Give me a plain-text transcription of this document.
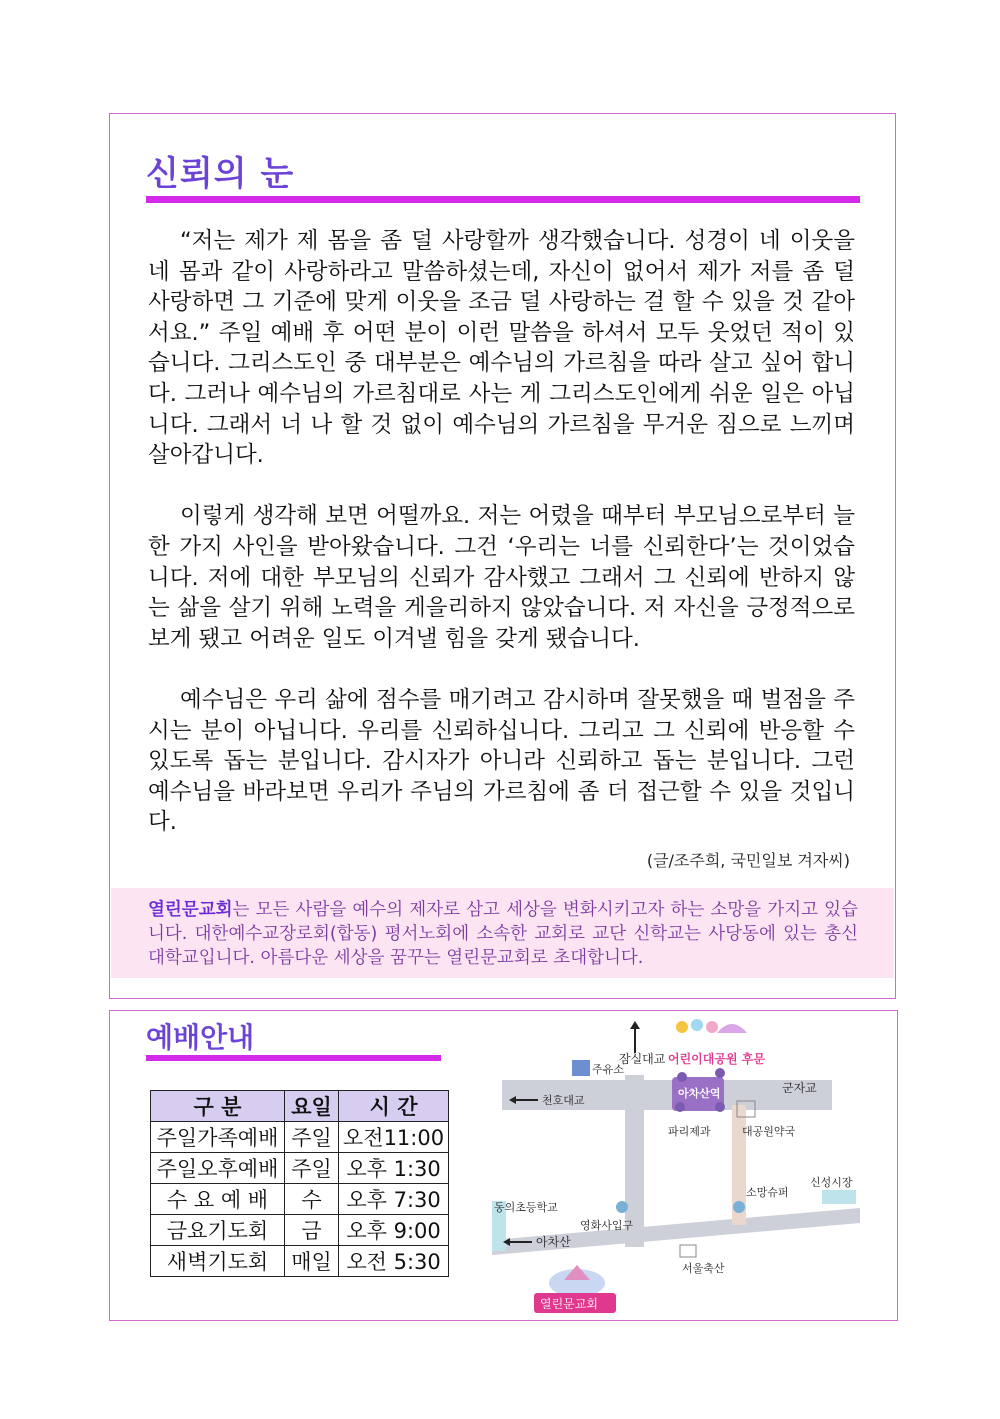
신뢰의 눈

“저는 제가 제 몸을 좀 덜 사랑할까 생각했습니다. 성경이 네 이웃을 네 몸과 같이 사랑하라고 말씀하셨는데, 자신이 없어서 제가 저를 좀 덜 사랑하면 그 기준에 맞게 이웃을 조금 덜 사랑하는 걸 할 수 있을 것 같아서요.” 주일 예배 후 어떤 분이 이런 말씀을 하셔서 모두 웃었던 적이 있습니다. 그리스도인 중 대부분은 예수님의 가르침을 따라 살고 싶어 합니다. 그러나 예수님의 가르침대로 사는 게 그리스도인에게 쉬운 일은 아닙니다. 그래서 너 나 할 것 없이 예수님의 가르침을 무거운 짐으로 느끼며 살아갑니다.

이렇게 생각해 보면 어떨까요. 저는 어렸을 때부터 부모님으로부터 늘 한 가지 사인을 받아왔습니다. 그건 ‘우리는 너를 신뢰한다’는 것이었습니다. 저에 대한 부모님의 신뢰가 감사했고 그래서 그 신뢰에 반하지 않는 삶을 살기 위해 노력을 게을리하지 않았습니다. 저 자신을 긍정적으로 보게 됐고 어려운 일도 이겨낼 힘을 갖게 됐습니다.

예수님은 우리 삶에 점수를 매기려고 감시하며 잘못했을 때 벌점을 주시는 분이 아닙니다. 우리를 신뢰하십니다. 그리고 그 신뢰에 반응할 수 있도록 돕는 분입니다. 감시자가 아니라 신뢰하고 돕는 분입니다. 그런 예수님을 바라보면 우리가 주님의 가르침에 좀 더 접근할 수 있을 것입니다.

(글/조주희, 국민일보 겨자씨)
열린문교회는 모든 사람을 예수의 제자로 삼고 세상을 변화시키고자 하는 소망을 가지고 있습니다. 대한예수교장로회(합동) 평서노회에 소속한 교회로 교단 신학교는 사당동에 있는 총신대학교입니다. 아름다운 세상을 꿈꾸는 열린문교회로 초대합니다.
예배안내
구 분	요일	시 간
주일가족예배	주일	오전11:00
주일오후예배	주일	오후 1:30
수 요 예 배	수	오후 7:30
금요기도회	금	오후 9:00
새벽기도회	매일	오전 5:30
잠실대교 어린이대공원 후문
주유소
군자교
천호대교
아차산역
파리제과	대공원약국
소망슈퍼
신성시장
동의초등학교
영화사입구
아차산
서울축산
열린문교회
